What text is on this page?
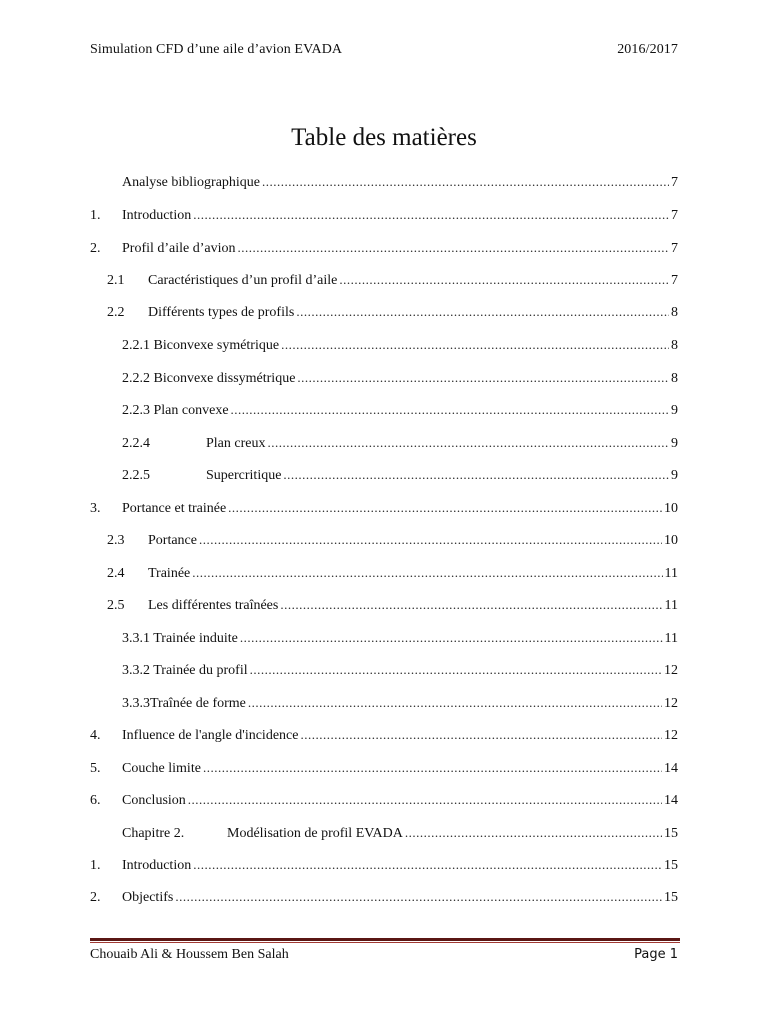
Simulation CFD d’une aile d’avion EVADA	2016/2017
Table des matières
Analyse bibliographique .....	7
1.	Introduction .....	7
2.	Profil d’aile d’avion .....	7
2.1	Caractéristiques d’un profil d’aile .....	7
2.2	Différents types de profils .....	8
2.2.1 Biconvexe symétrique .....	8
2.2.2 Biconvexe dissymétrique .....	8
2.2.3 Plan convexe .....	9
2.2.4	Plan creux .....	9
2.2.5	Supercritique .....	9
3.	Portance et trainée .....	10
2.3	Portance .....	10
2.4	Trainée .....	11
2.5	Les différentes traînées .....	11
3.3.1 Trainée induite .....	11
3.3.2 Trainée du profil .....	12
3.3.3Traînée de forme .....	12
4.	Influence de l'angle d'incidence .....	12
5.	Couche limite .....	14
6.	Conclusion .....	14
Chapitre 2.	Modélisation de profil EVADA .....	15
1.	Introduction .....	15
2.	Objectifs .....	15
Chouaib Ali & Houssem Ben Salah	Page 1
